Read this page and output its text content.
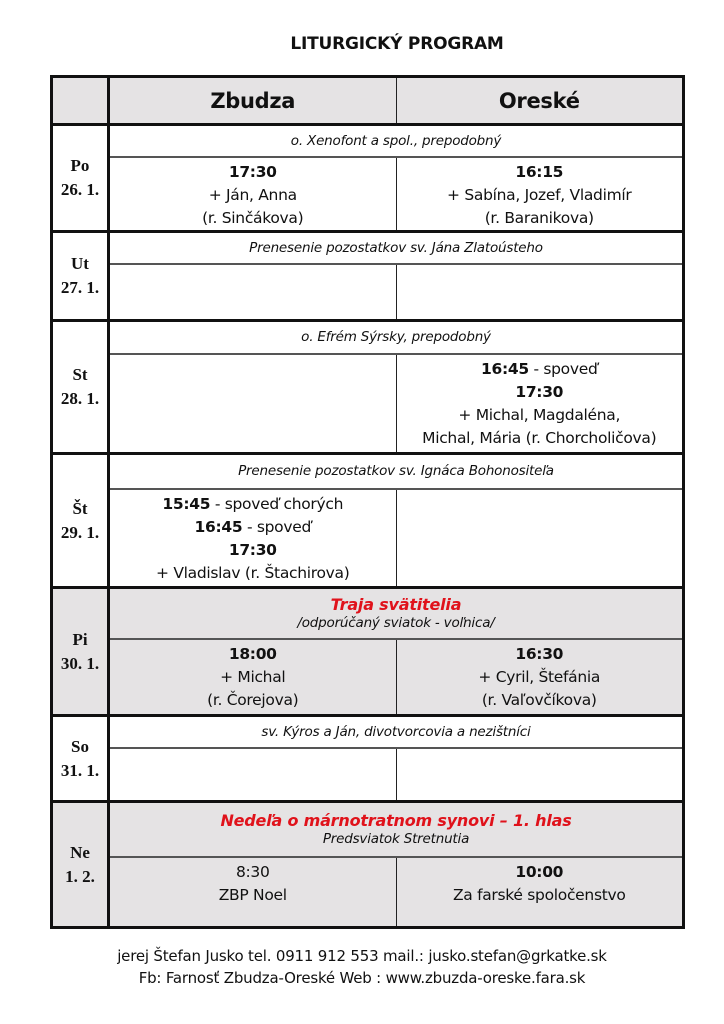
LITURGICKÝ PROGRAM
Zbudza	Oreské
Po
26. 1.
o. Xenofont a spol., prepodobný
17:30
+ Ján, Anna
(r. Sinčákova)
16:15
+ Sabína, Jozef, Vladimír
(r. Baranikova)
Ut
27. 1.
Prenesenie pozostatkov sv. Jána Zlatoústeho
St
28. 1.
o. Efrém Sýrsky, prepodobný
16:45 - spoveď
17:30
+ Michal, Magdaléna,
Michal, Mária (r. Chorcholičova)
Št
29. 1.
Prenesenie pozostatkov sv. Ignáca Bohonositeľa
15:45 - spoveď chorých
16:45 - spoveď
17:30
+ Vladislav (r. Štachirova)
Pi
30. 1.
Traja svätitelia
/odporúčaný sviatok - voľnica/
18:00
+ Michal
(r. Čorejova)
16:30
+ Cyril, Štefánia
(r. Vaľovčíkova)
So
31. 1.
sv. Kýros a Ján, divotvorcovia a nezištníci
Ne
1. 2.
Nedeľa o márnotratnom synovi – 1. hlas
Predsviatok Stretnutia
8:30
ZBP Noel
10:00
Za farské spoločenstvo
jerej Štefan Jusko tel. 0911 912 553 mail.: jusko.stefan@grkatke.sk
Fb: Farnosť Zbudza-Oreské Web : www.zbuzda-oreske.fara.sk
